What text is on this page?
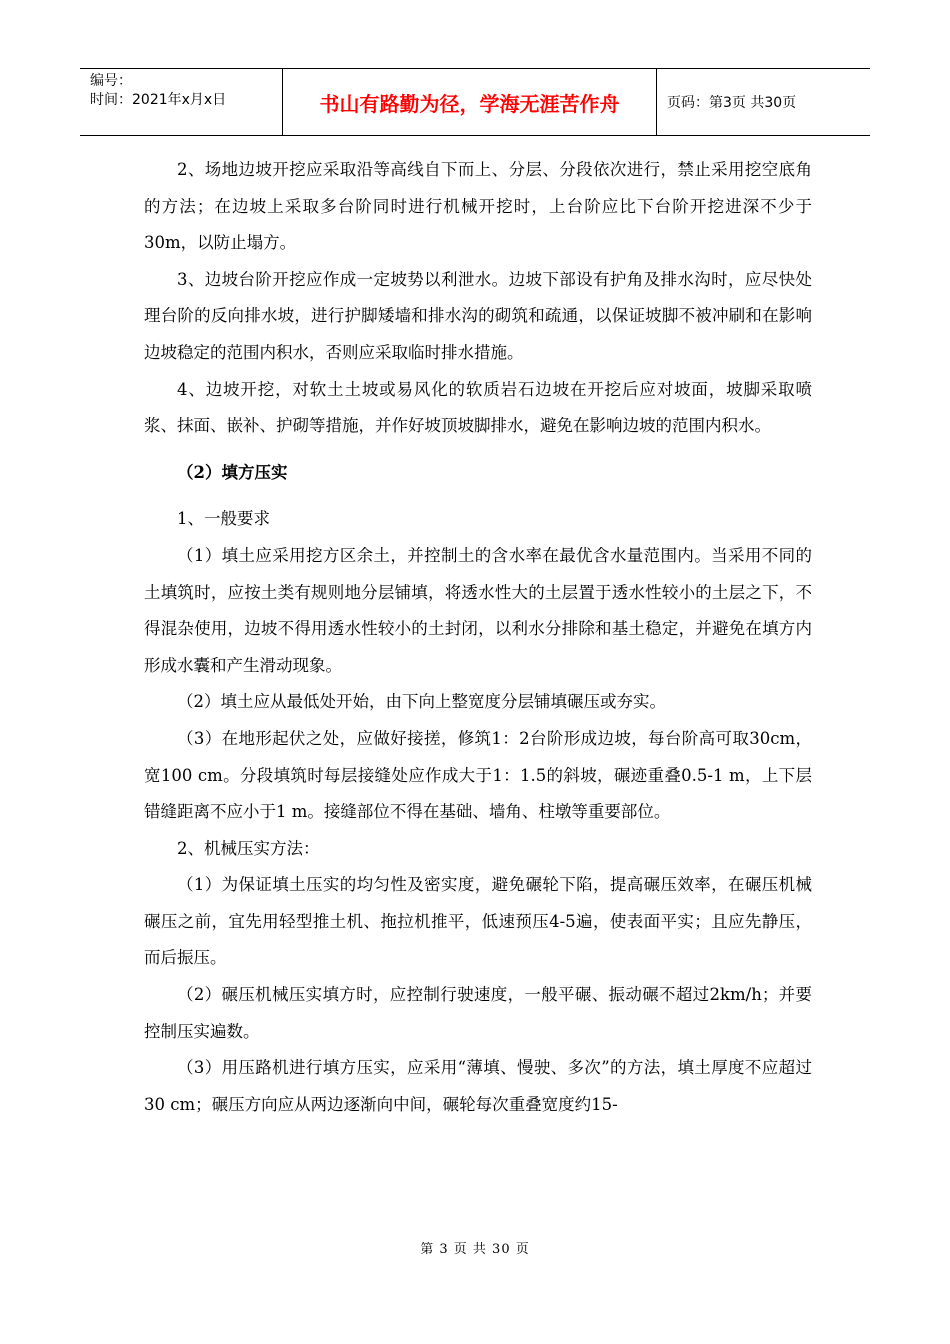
编号：
时间：2021年x月x日	书山有路勤为径，学海无涯苦作舟	页码：第3页 共30页

2、场地边坡开挖应采取沿等高线自下而上、分层、分段依次进行，禁止采用挖空底角的方法；在边坡上采取多台阶同时进行机械开挖时，上台阶应比下台阶开挖进深不少于30m，以防止塌方。

3、边坡台阶开挖应作成一定坡势以利泄水。边坡下部设有护角及排水沟时，应尽快处理台阶的反向排水坡，进行护脚矮墙和排水沟的砌筑和疏通，以保证坡脚不被冲刷和在影响边坡稳定的范围内积水，否则应采取临时排水措施。

4、边坡开挖，对软土土坡或易风化的软质岩石边坡在开挖后应对坡面，坡脚采取喷浆、抹面、嵌补、护砌等措施，并作好坡顶坡脚排水，避免在影响边坡的范围内积水。

（2）填方压实

1、一般要求

（1）填土应采用挖方区余土，并控制土的含水率在最优含水量范围内。当采用不同的土填筑时，应按土类有规则地分层铺填，将透水性大的土层置于透水性较小的土层之下，不得混杂使用，边坡不得用透水性较小的土封闭，以利水分排除和基土稳定，并避免在填方内形成水囊和产生滑动现象。

（2）填土应从最低处开始，由下向上整宽度分层铺填碾压或夯实。

（3）在地形起伏之处，应做好接搓，修筑1：2台阶形成边坡，每台阶高可取30cm，宽100 cm。分段填筑时每层接缝处应作成大于1：1.5的斜坡，碾迹重叠0.5-1 m，上下层错缝距离不应小于1 m。接缝部位不得在基础、墙角、柱墩等重要部位。

2、机械压实方法：

（1）为保证填土压实的均匀性及密实度，避免碾轮下陷，提高碾压效率，在碾压机械碾压之前，宜先用轻型推土机、拖拉机推平，低速预压4-5遍，使表面平实；且应先静压，而后振压。

（2）碾压机械压实填方时，应控制行驶速度，一般平碾、振动碾不超过2km/h；并要控制压实遍数。

（3）用压路机进行填方压实，应采用“薄填、慢驶、多次”的方法，填土厚度不应超过30 cm；碾压方向应从两边逐渐向中间，碾轮每次重叠宽度约15-

第 3 页 共 30 页
